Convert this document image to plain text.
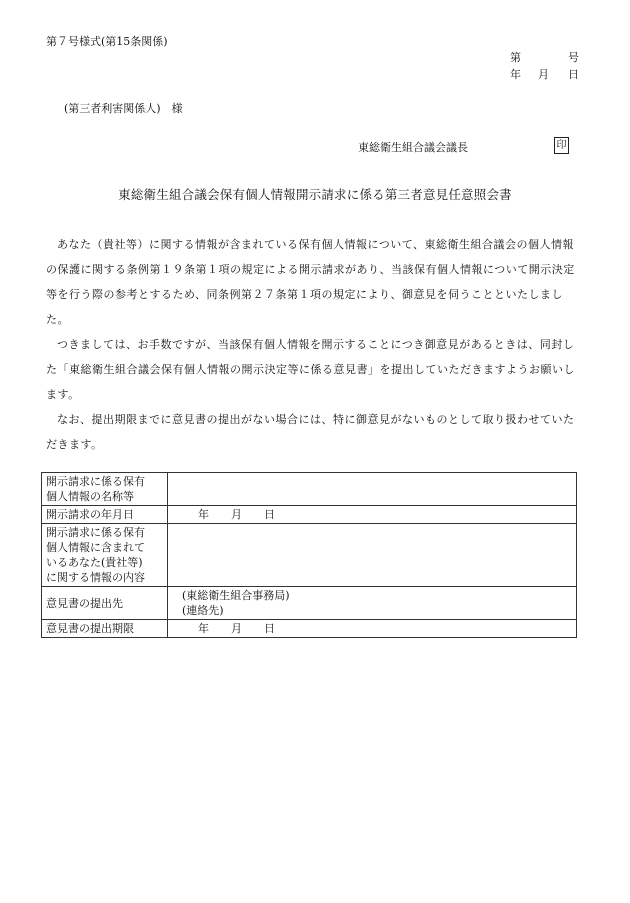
第７号様式(第15条関係)
第	号
年 月 日
(第三者利害関係人)　様
東総衛生組合議会議長	印
東総衛生組合議会保有個人情報開示請求に係る第三者意見任意照会書

あなた（貴社等）に関する情報が含まれている保有個人情報について、東総衛生組合議会の個人情報の保護に関する条例第１９条第１項の規定による開示請求があり、当該保有個人情報について開示決定等を行う際の参考とするため、同条例第２７条第１項の規定により、御意見を伺うことといたしました。

つきましては、お手数ですが、当該保有個人情報を開示することにつき御意見があるときは、同封した「東総衛生組合議会保有個人情報の開示決定等に係る意見書」を提出していただきますようお願いします。

なお、提出期限までに意見書の提出がない場合には、特に御意見がないものとして取り扱わせていただきます。

開示請求に係る保有
個人情報の名称等	

開示請求の年月日	年 月 日

開示請求に係る保有
個人情報に含まれて
いるあなた(貴社等)
に関する情報の内容	

意見書の提出先	(東総衛生組合事務局)
(連絡先)

意見書の提出期限	年 月 日
